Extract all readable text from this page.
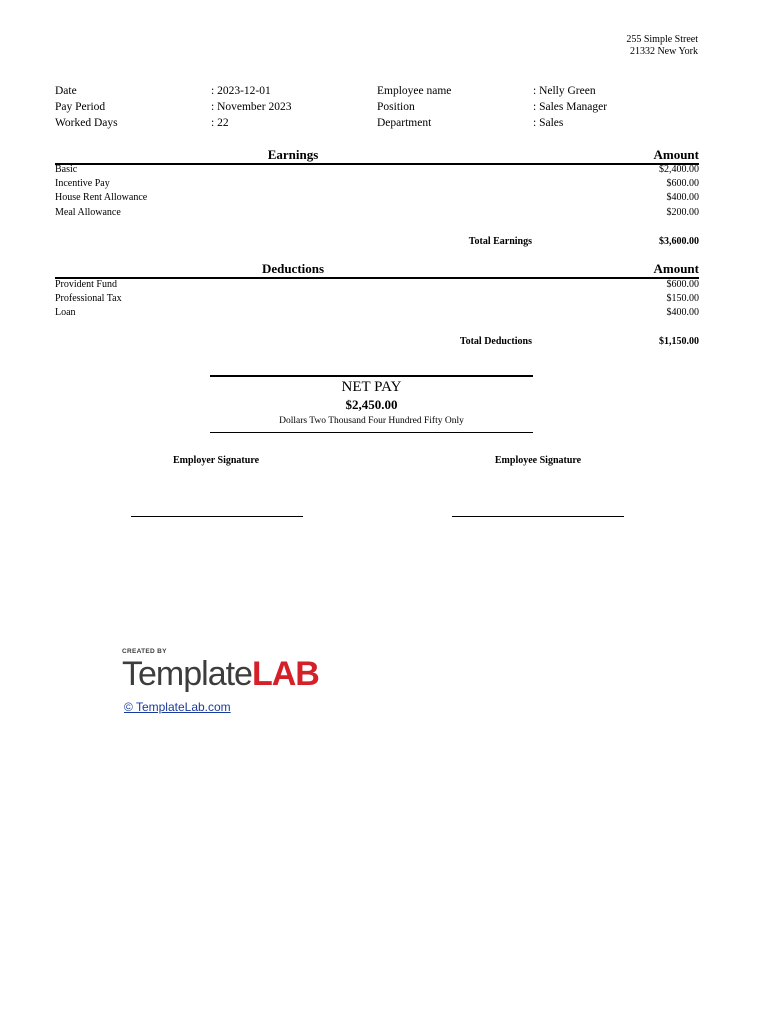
255 Simple Street
21332 New York
Date	: 2023-12-01	Employee name	: Nelly Green
Pay Period	: November 2023	Position	: Sales Manager
Worked Days	: 22	Department	: Sales
Earnings	Amount
Basic	$2,400.00
Incentive Pay	$600.00
House Rent Allowance	$400.00
Meal Allowance	$200.00
Total Earnings	$3,600.00
Deductions	Amount
Provident Fund	$600.00
Professional Tax	$150.00
Loan	$400.00
Total Deductions	$1,150.00
NET PAY
$2,450.00
Dollars Two Thousand Four Hundred Fifty Only
Employer Signature	Employee Signature
CREATED BY
TemplateLAB
© TemplateLab.com
